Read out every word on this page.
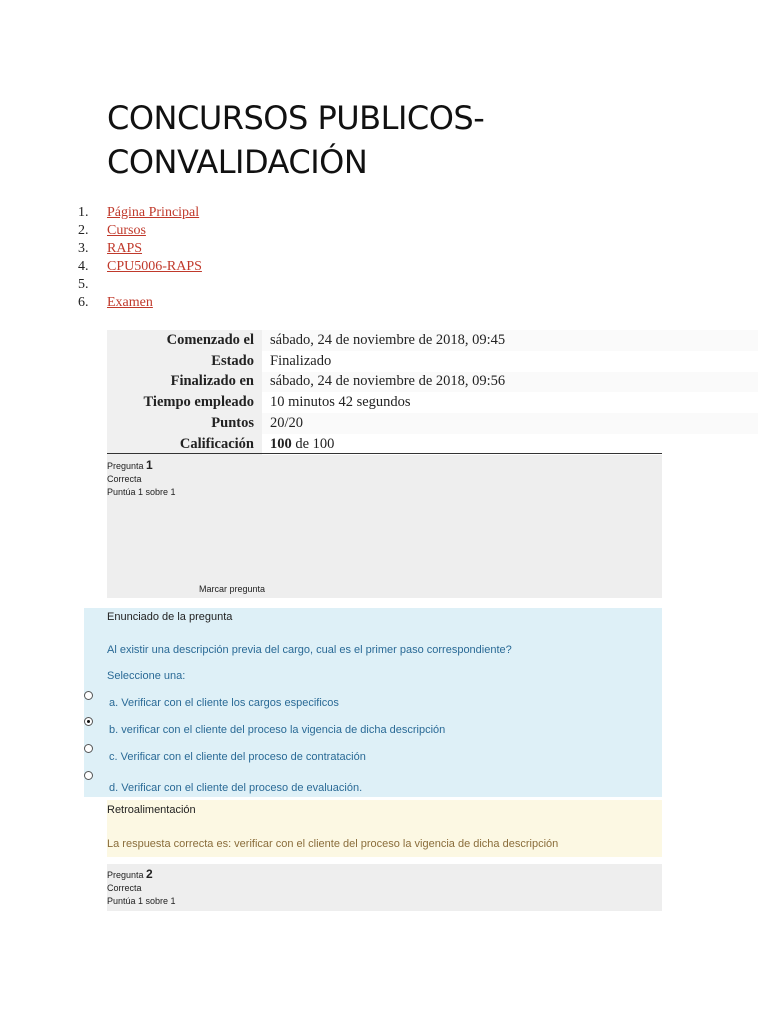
CONCURSOS PUBLICOS- CONVALIDACIÓN
1.	Página Principal
2.	Cursos
3.	RAPS
4.	CPU5006-RAPS
5.
6.	Examen
Comenzado el	sábado, 24 de noviembre de 2018, 09:45
Estado	Finalizado
Finalizado en	sábado, 24 de noviembre de 2018, 09:56
Tiempo empleado	10 minutos 42 segundos
Puntos	20/20
Calificación	100 de 100
Pregunta 1
Correcta
Puntúa 1 sobre 1
Marcar pregunta
Enunciado de la pregunta
Al existir una descripción previa del cargo, cual es el primer paso correspondiente?
Seleccione una:
a. Verificar con el cliente los cargos especificos
b. verificar con el cliente del proceso la vigencia de dicha descripción
c. Verificar con el cliente del proceso de contratación
d. Verificar con el cliente del proceso de evaluación.
Retroalimentación
La respuesta correcta es: verificar con el cliente del proceso la vigencia de dicha descripción
Pregunta 2
Correcta
Puntúa 1 sobre 1
